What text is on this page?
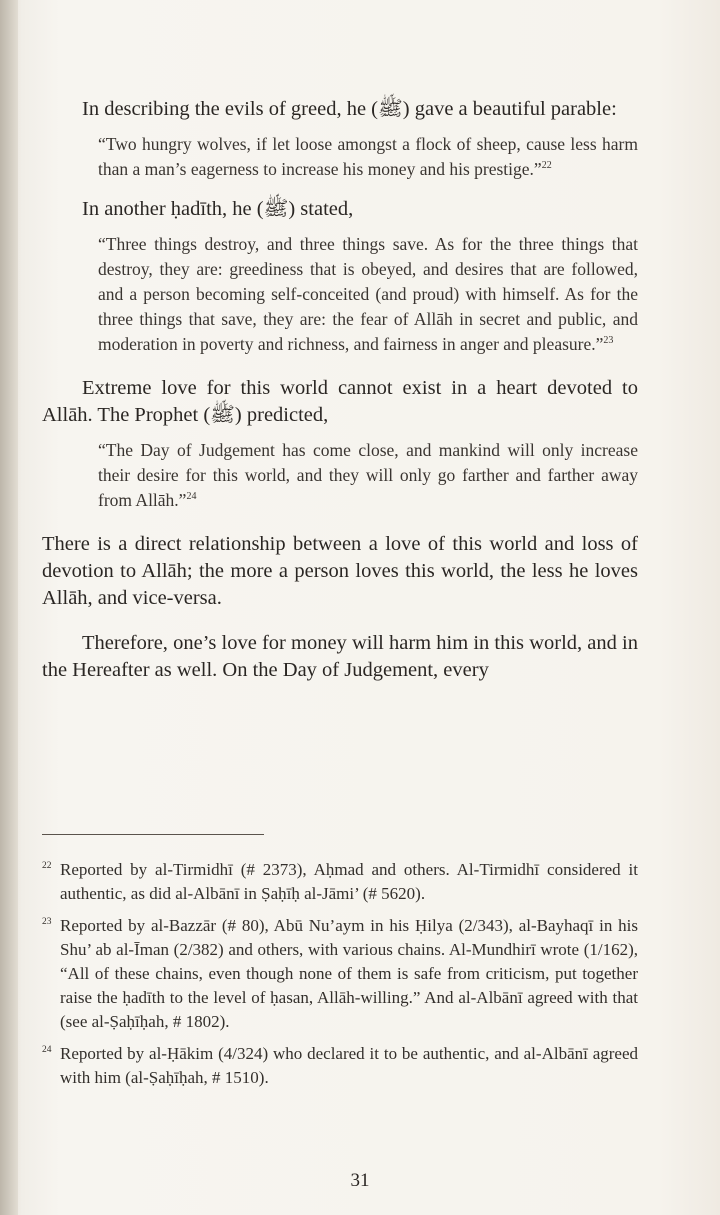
In describing the evils of greed, he (ﷺ) gave a beautiful parable:

“Two hungry wolves, if let loose amongst a flock of sheep, cause less harm than a man’s eagerness to increase his money and his prestige.”$^{22}$

In another ḥadīth, he (ﷺ) stated,

“Three things destroy, and three things save. As for the three things that destroy, they are: greediness that is obeyed, and desires that are followed, and a person becoming self-conceited (and proud) with himself. As for the three things that save, they are: the fear of Allāh in secret and public, and moderation in poverty and richness, and fairness in anger and pleasure.”$^{23}$

Extreme love for this world cannot exist in a heart devoted to Allāh. The Prophet (ﷺ) predicted,

“The Day of Judgement has come close, and mankind will only increase their desire for this world, and they will only go farther and farther away from Allāh.”$^{24}$

There is a direct relationship between a love of this world and loss of devotion to Allāh; the more a person loves this world, the less he loves Allāh, and vice-versa.

Therefore, one’s love for money will harm him in this world, and in the Hereafter as well. On the Day of Judgement, every

22 Reported by al-Tirmidhī (# 2373), Aḥmad and others. Al-Tirmidhī considered it authentic, as did al-Albānī in Ṣaḥīḥ al-Jāmi’ (# 5620).

23 Reported by al-Bazzār (# 80), Abū Nu’aym in his Ḥilya (2/343), al-Bayhaqī in his Shu’ ab al-Īman (2/382) and others, with various chains. Al-Mundhirī wrote (1/162), “All of these chains, even though none of them is safe from criticism, put together raise the ḥadīth to the level of ḥasan, Allāh-willing.” And al-Albānī agreed with that (see al-Ṣaḥīḥah, # 1802).

24 Reported by al-Ḥākim (4/324) who declared it to be authentic, and al-Albānī agreed with him (al-Ṣaḥīḥah, # 1510).

31
